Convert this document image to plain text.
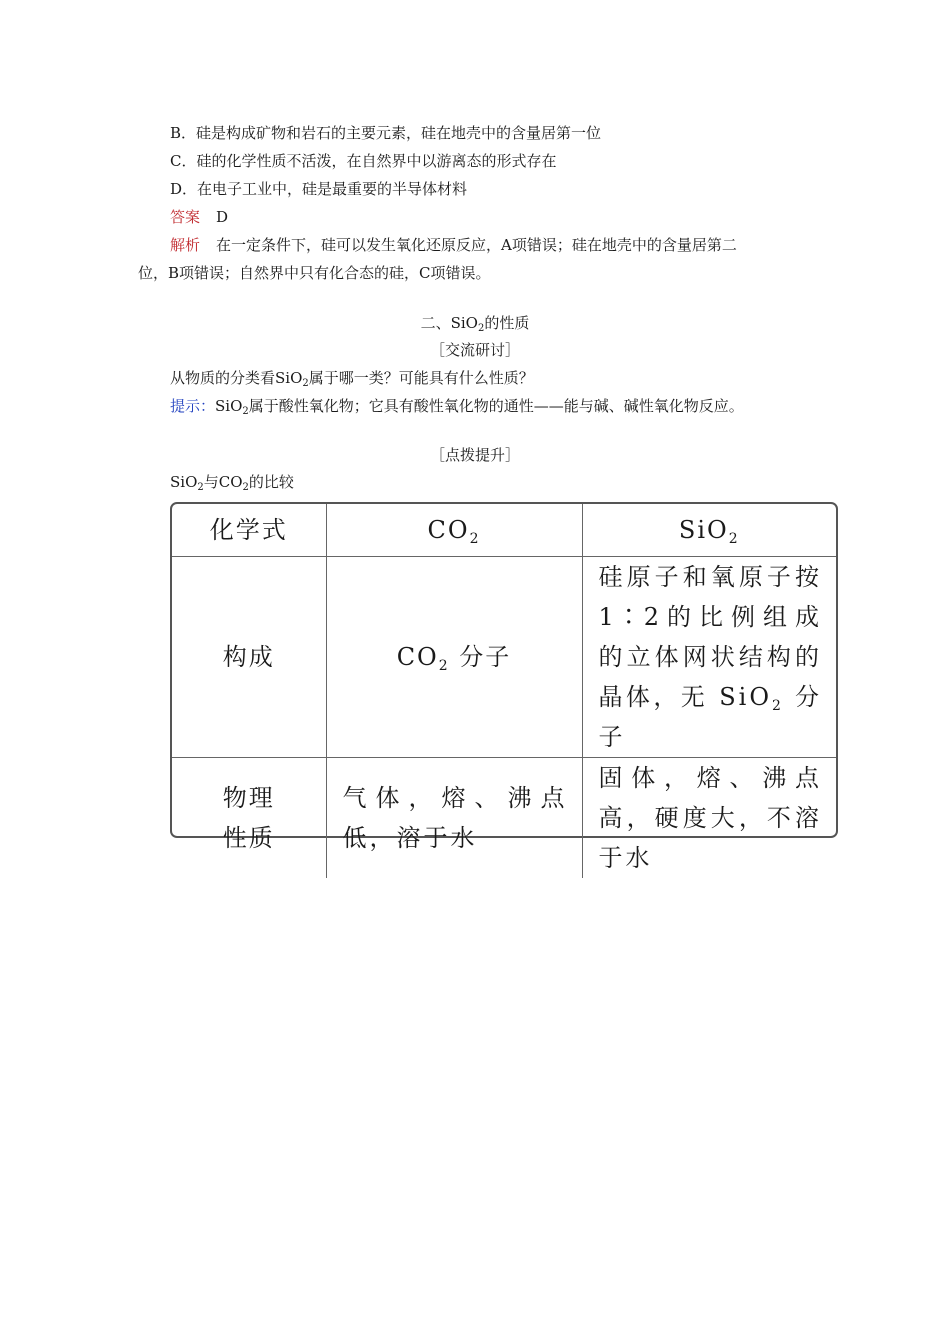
B．硅是构成矿物和岩石的主要元素，硅在地壳中的含量居第一位
C．硅的化学性质不活泼，在自然界中以游离态的形式存在
D．在电子工业中，硅是最重要的半导体材料
答案 D
解析 在一定条件下，硅可以发生氧化还原反应，A项错误；硅在地壳中的含量居第二
位，B项错误；自然界中只有化合态的硅，C项错误。
二、SiO$_2$的性质
［交流研讨］
从物质的分类看SiO$_2$属于哪一类？可能具有什么性质？
提示：SiO$_2$属于酸性氧化物；它具有酸性氧化物的通性——能与碱、碱性氧化物反应。
［点拨提升］
SiO$_2$与$CO_2$的比较
化学式	$CO_2$	SiO$_2$
构成	$CO_2$ 分子	硅原子和氧原子按1∶2的比例组成的立体网状结构的晶体，无 SiO$_2$ 分子
物理
性质	气体，熔、沸点低，溶于水	固体，熔、沸点高，硬度大，不溶于水
